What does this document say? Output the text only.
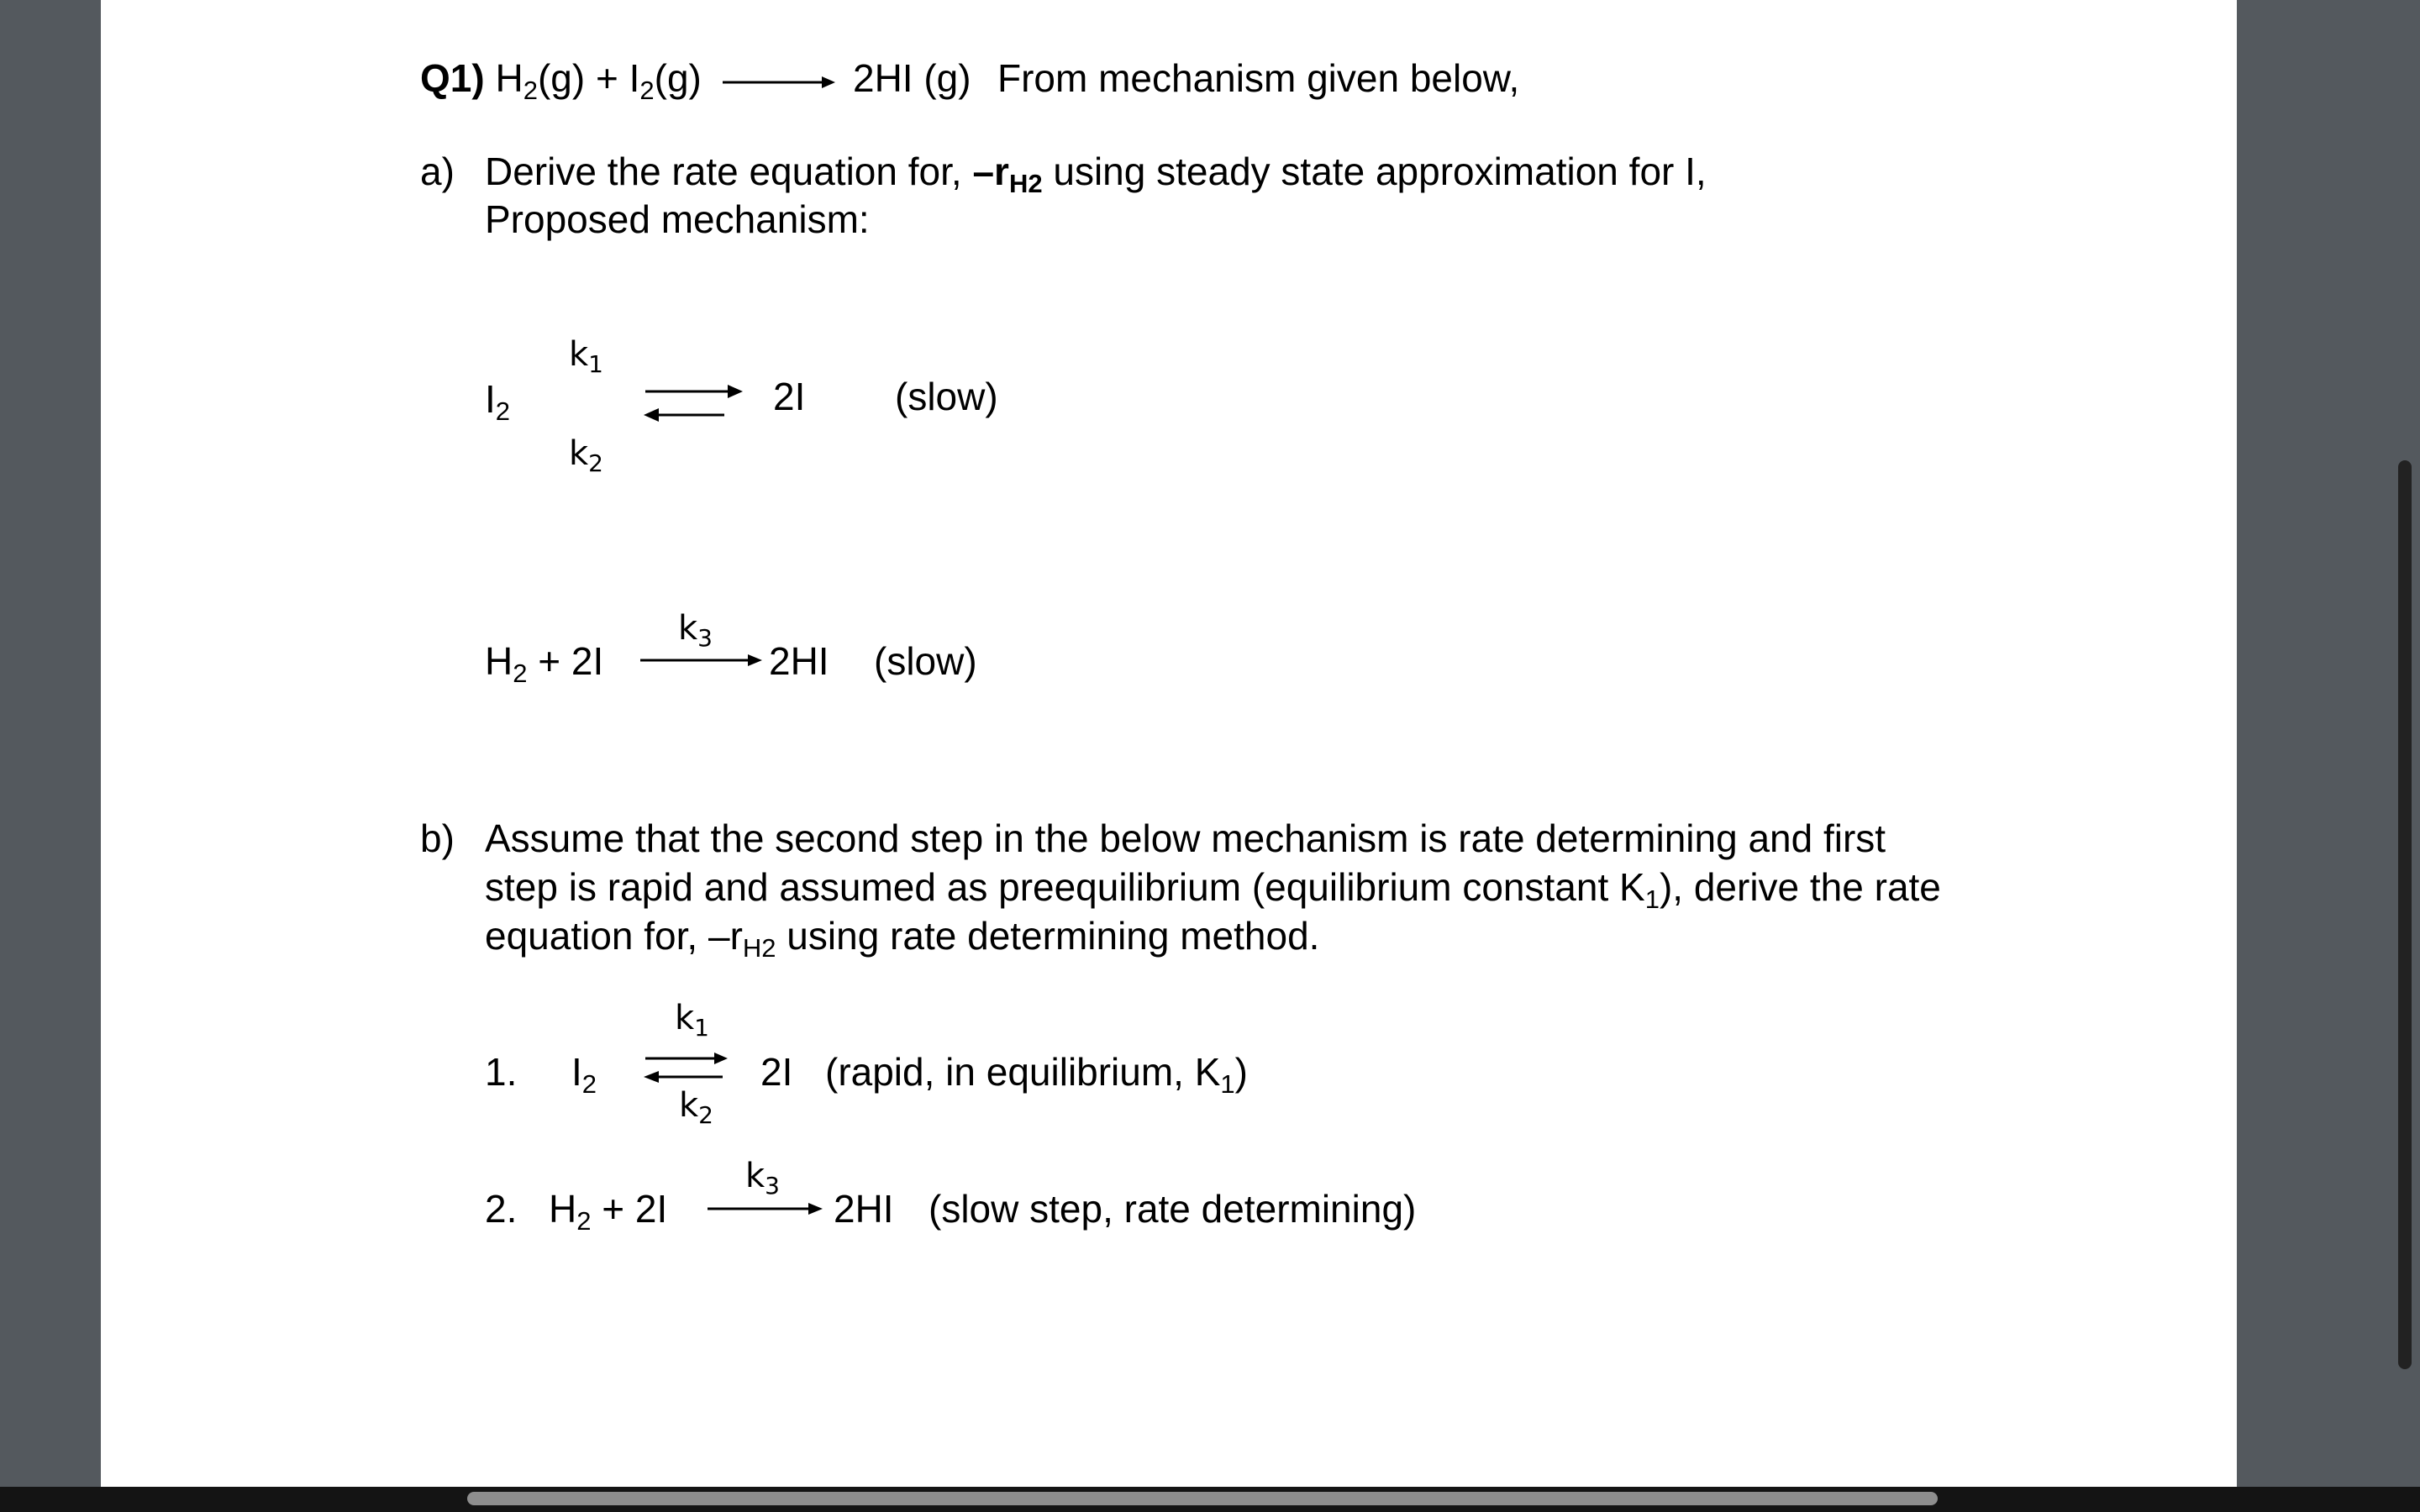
Q1) H2(g) + I2(g)	2HI (g) From mechanism given below,
a) Derive the rate equation for, –rH2 using steady state approximation for I,
Proposed mechanism:
I2
$k_1$
$k_2$
2I (slow)
H2 + 2I
$k_3$
2HI (slow)
b) Assume that the second step in the below mechanism is rate determining and first
step is rapid and assumed as preequilibrium (equilibrium constant K1), derive the rate
equation for, –rH2 using rate determining method.
1. I2
$k_1$
$k_2$
2I (rapid, in equilibrium, K1)
2. H2 + 2I
$k_3$
2HI (slow step, rate determining)
